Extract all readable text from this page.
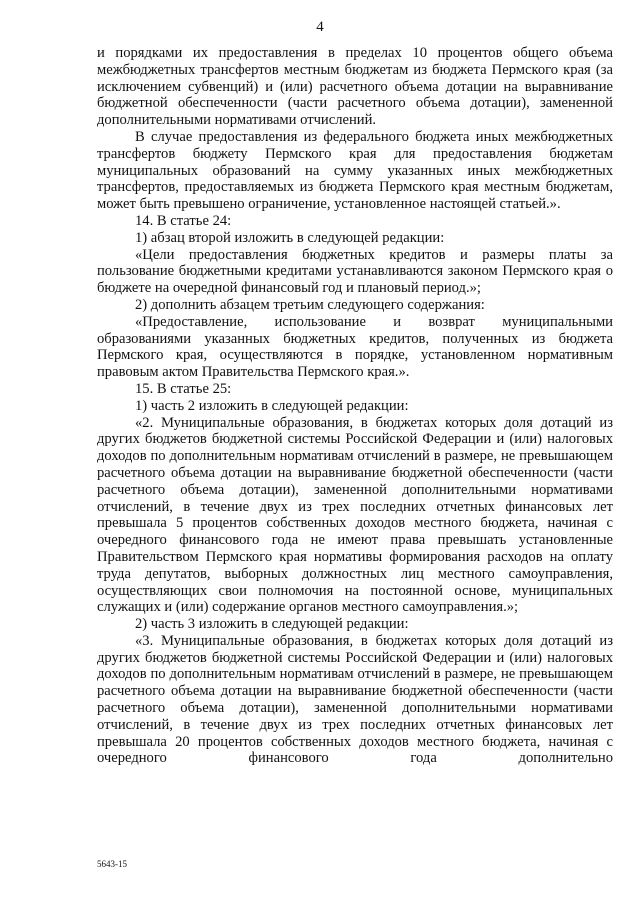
4

и порядками их предоставления в пределах 10 процентов общего объема межбюджетных трансфертов местным бюджетам из бюджета Пермского края (за исключением субвенций) и (или) расчетного объема дотации на выравнивание бюджетной обеспеченности (части расчетного объема дотации), замененной дополнительными нормативами отчислений.

В случае предоставления из федерального бюджета иных межбюджетных трансфертов бюджету Пермского края для предоставления бюджетам муниципальных образований на сумму указанных иных межбюджетных трансфертов, предоставляемых из бюджета Пермского края местным бюджетам, может быть превышено ограничение, установленное настоящей статьей.».

14. В статье 24:

1) абзац второй изложить в следующей редакции:

«Цели предоставления бюджетных кредитов и размеры платы за пользование бюджетными кредитами устанавливаются законом Пермского края о бюджете на очередной финансовый год и плановый период.»;

2) дополнить абзацем третьим следующего содержания:

«Предоставление, использование и возврат муниципальными образованиями указанных бюджетных кредитов, полученных из бюджета Пермского края, осуществляются в порядке, установленном нормативным правовым актом Правительства Пермского края.».

15. В статье 25:

1) часть 2 изложить в следующей редакции:

«2. Муниципальные образования, в бюджетах которых доля дотаций из других бюджетов бюджетной системы Российской Федерации и (или) налоговых доходов по дополнительным нормативам отчислений в размере, не превышающем расчетного объема дотации на выравнивание бюджетной обеспеченности (части расчетного объема дотации), замененной дополнительными нормативами отчислений, в течение двух из трех последних отчетных финансовых лет превышала 5 процентов собственных доходов местного бюджета, начиная с очередного финансового года не имеют права превышать установленные Правительством Пермского края нормативы формирования расходов на оплату труда депутатов, выборных должностных лиц местного самоуправления, осуществляющих свои полномочия на постоянной основе, муниципальных служащих и (или) содержание органов местного самоуправления.»;

2) часть 3 изложить в следующей редакции:

«3. Муниципальные образования, в бюджетах которых доля дотаций из других бюджетов бюджетной системы Российской Федерации и (или) налоговых доходов по дополнительным нормативам отчислений в размере, не превышающем расчетного объема дотации на выравнивание бюджетной обеспеченности (части расчетного объема дотации), замененной дополнительными нормативами отчислений, в течение двух из трех последних отчетных финансовых лет превышала 20 процентов собственных доходов местного бюджета, начиная с очередного финансового года дополнительно

5643-15
